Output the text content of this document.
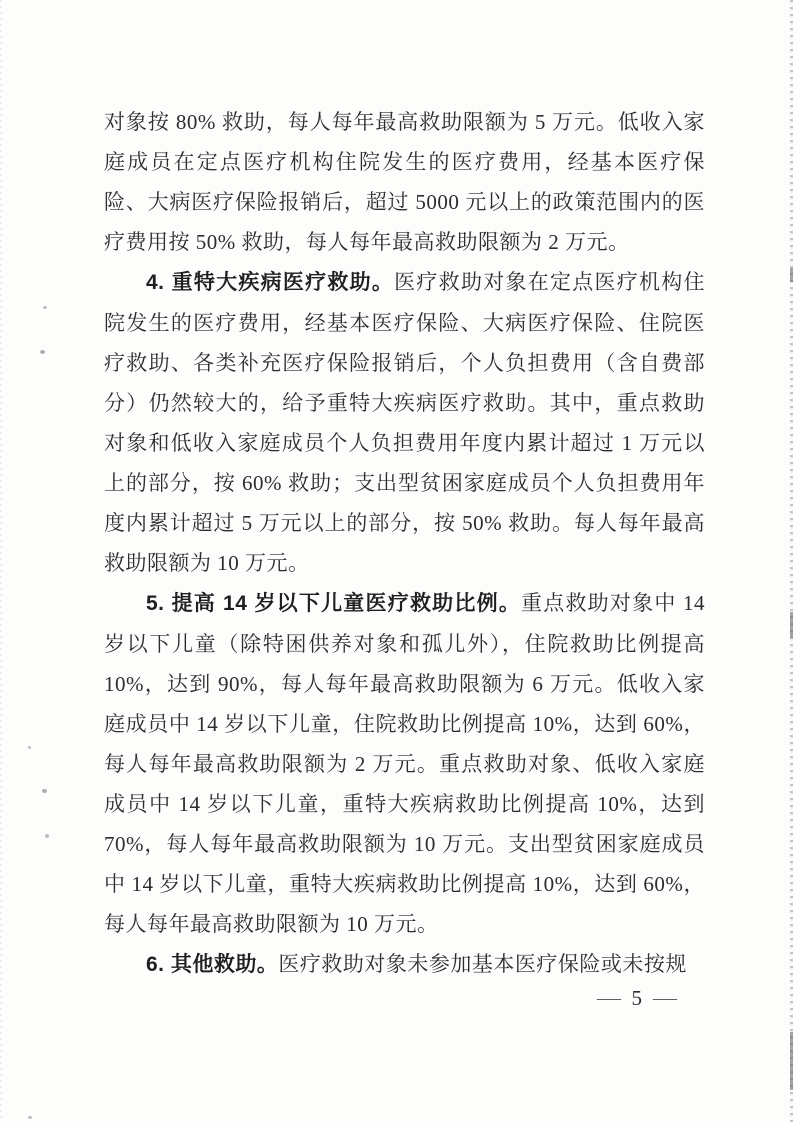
对象按 80% 救助，每人每年最高救助限额为 5 万元。低收入家庭成员在定点医疗机构住院发生的医疗费用，经基本医疗保险、大病医疗保险报销后，超过 5000 元以上的政策范围内的医疗费用按 50% 救助，每人每年最高救助限额为 2 万元。

4. 重特大疾病医疗救助。医疗救助对象在定点医疗机构住院发生的医疗费用，经基本医疗保险、大病医疗保险、住院医疗救助、各类补充医疗保险报销后，个人负担费用（含自费部分）仍然较大的，给予重特大疾病医疗救助。其中，重点救助对象和低收入家庭成员个人负担费用年度内累计超过 1 万元以上的部分，按 60% 救助；支出型贫困家庭成员个人负担费用年度内累计超过 5 万元以上的部分，按 50% 救助。每人每年最高救助限额为 10 万元。

5. 提高 14 岁以下儿童医疗救助比例。重点救助对象中 14 岁以下儿童（除特困供养对象和孤儿外），住院救助比例提高 10%，达到 90%，每人每年最高救助限额为 6 万元。低收入家庭成员中 14 岁以下儿童，住院救助比例提高 10%，达到 60%，每人每年最高救助限额为 2 万元。重点救助对象、低收入家庭成员中 14 岁以下儿童，重特大疾病救助比例提高 10%，达到 70%，每人每年最高救助限额为 10 万元。支出型贫困家庭成员中 14 岁以下儿童，重特大疾病救助比例提高 10%，达到 60%，每人每年最高救助限额为 10 万元。

6. 其他救助。医疗救助对象未参加基本医疗保险或未按规

— 5 —
